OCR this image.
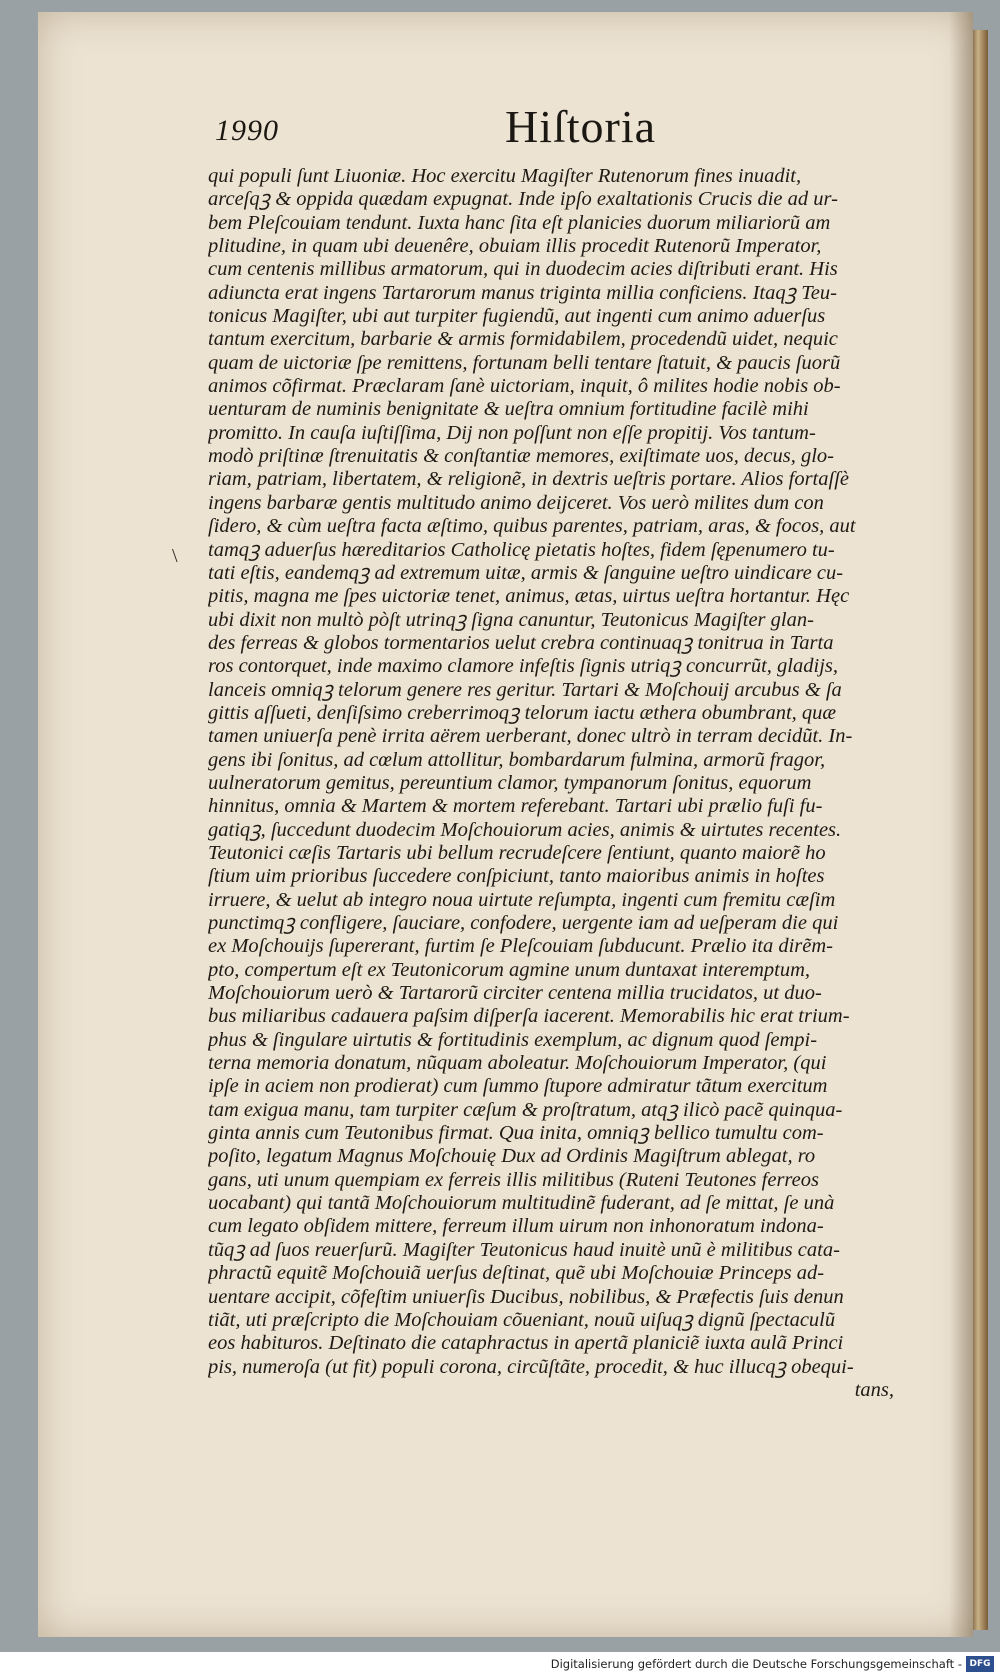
1990	Hiſtoria
\
qui populi ſunt Liuoniæ. Hoc exercitu Magiſter Rutenorum fines inuadit,
arceſqꝫ & oppida quædam expugnat. Inde ipſo exaltationis Crucis die ad ur-
bem Pleſcouiam tendunt. Iuxta hanc ſita eſt planicies duorum miliariorũ am
plitudine, in quam ubi deuenêre, obuiam illis procedit Rutenorũ Imperator,
cum centenis millibus armatorum, qui in duodecim acies diſtributi erant. His
adiuncta erat ingens Tartarorum manus triginta millia conficiens. Itaqꝫ Teu-
tonicus Magiſter, ubi aut turpiter fugiendũ, aut ingenti cum animo aduerſus
tantum exercitum, barbarie & armis formidabilem, procedendũ uidet, nequic
quam de uictoriæ ſpe remittens, fortunam belli tentare ſtatuit, & paucis ſuorũ
animos cõfirmat. Præclaram ſanè uictoriam, inquit, ô milites hodie nobis ob-
uenturam de numinis benignitate & ueſtra omnium fortitudine facilè mihi
promitto. In cauſa iuſtiſſima, Dij non poſſunt non eſſe propitij. Vos tantum-
modò priſtinæ ſtrenuitatis & conſtantiæ memores, exiſtimate uos, decus, glo-
riam, patriam, libertatem, & religionẽ, in dextris ueſtris portare. Alios fortaſſè
ingens barbaræ gentis multitudo animo deijceret. Vos uerò milites dum con
ſidero, & cùm ueſtra facta æſtimo, quibus parentes, patriam, aras, & focos, aut
tamqꝫ aduerſus hæreditarios Catholicę pietatis hoſtes, fidem ſępenumero tu-
tati eſtis, eandemqꝫ ad extremum uitæ, armis & ſanguine ueſtro uindicare cu-
pitis, magna me ſpes uictoriæ tenet, animus, ætas, uirtus ueſtra hortantur. Hęc
ubi dixit non multò pòſt utrinqꝫ ſigna canuntur, Teutonicus Magiſter glan-
des ferreas & globos tormentarios uelut crebra continuaqꝫ tonitrua in Tarta
ros contorquet, inde maximo clamore infeſtis ſignis utriqꝫ concurrũt, gladijs,
lanceis omniqꝫ telorum genere res geritur. Tartari & Moſchouij arcubus & ſa
gittis aſſueti, denſiſsimo creberrimoqꝫ telorum iactu æthera obumbrant, quæ
tamen uniuerſa penè irrita aërem uerberant, donec ultrò in terram decidũt. In-
gens ibi ſonitus, ad cœlum attollitur, bombardarum fulmina, armorũ fragor,
uulneratorum gemitus, pereuntium clamor, tympanorum ſonitus, equorum
hinnitus, omnia & Martem & mortem referebant. Tartari ubi prælio fuſi fu-
gatiqꝫ, ſuccedunt duodecim Moſchouiorum acies, animis & uirtutes recentes.
Teutonici cæſis Tartaris ubi bellum recrudeſcere ſentiunt, quanto maiorẽ ho
ſtium uim prioribus ſuccedere conſpiciunt, tanto maioribus animis in hoſtes
irruere, & uelut ab integro noua uirtute reſumpta, ingenti cum fremitu cæſim
punctimqꝫ confligere, ſauciare, confodere, uergente iam ad ueſperam die qui
ex Moſchouijs ſupererant, furtim ſe Pleſcouiam ſubducunt. Prælio ita dirẽm-
pto, compertum eſt ex Teutonicorum agmine unum duntaxat interemptum,
Moſchouiorum uerò & Tartarorũ circiter centena millia trucidatos, ut duo-
bus miliaribus cadauera paſsim diſperſa iacerent. Memorabilis hic erat trium-
phus & ſingulare uirtutis & fortitudinis exemplum, ac dignum quod ſempi-
terna memoria donatum, nũquam aboleatur. Moſchouiorum Imperator, (qui
ipſe in aciem non prodierat) cum ſummo ſtupore admiratur tãtum exercitum
tam exigua manu, tam turpiter cæſum & proſtratum, atqꝫ ilicò pacẽ quinqua-
ginta annis cum Teutonibus firmat. Qua inita, omniqꝫ bellico tumultu com-
poſito, legatum Magnus Moſchouię Dux ad Ordinis Magiſtrum ablegat, ro
gans, uti unum quempiam ex ferreis illis militibus (Ruteni Teutones ferreos
uocabant) qui tantã Moſchouiorum multitudinẽ fuderant, ad ſe mittat, ſe unà
cum legato obſidem mittere, ferreum illum uirum non inhonoratum indona-
tũqꝫ ad ſuos reuerſurũ. Magiſter Teutonicus haud inuitè unũ è militibus cata-
phractũ equitẽ Moſchouiã uerſus deſtinat, quẽ ubi Moſchouiæ Princeps ad-
uentare accipit, cõfeſtim uniuerſis Ducibus, nobilibus, & Præfectis ſuis denun
tiãt, uti præſcripto die Moſchouiam cõueniant, nouũ uiſuqꝫ dignũ ſpectaculũ
eos habituros. Deſtinato die cataphractus in apertã planiciẽ iuxta aulã Princi
pis, numeroſa (ut fit) populi corona, circũſtãte, procedit, & huc illucqꝫ obequi-
tans,
Digitalisierung gefördert durch die Deutsche Forschungsgemeinschaft - DFG
